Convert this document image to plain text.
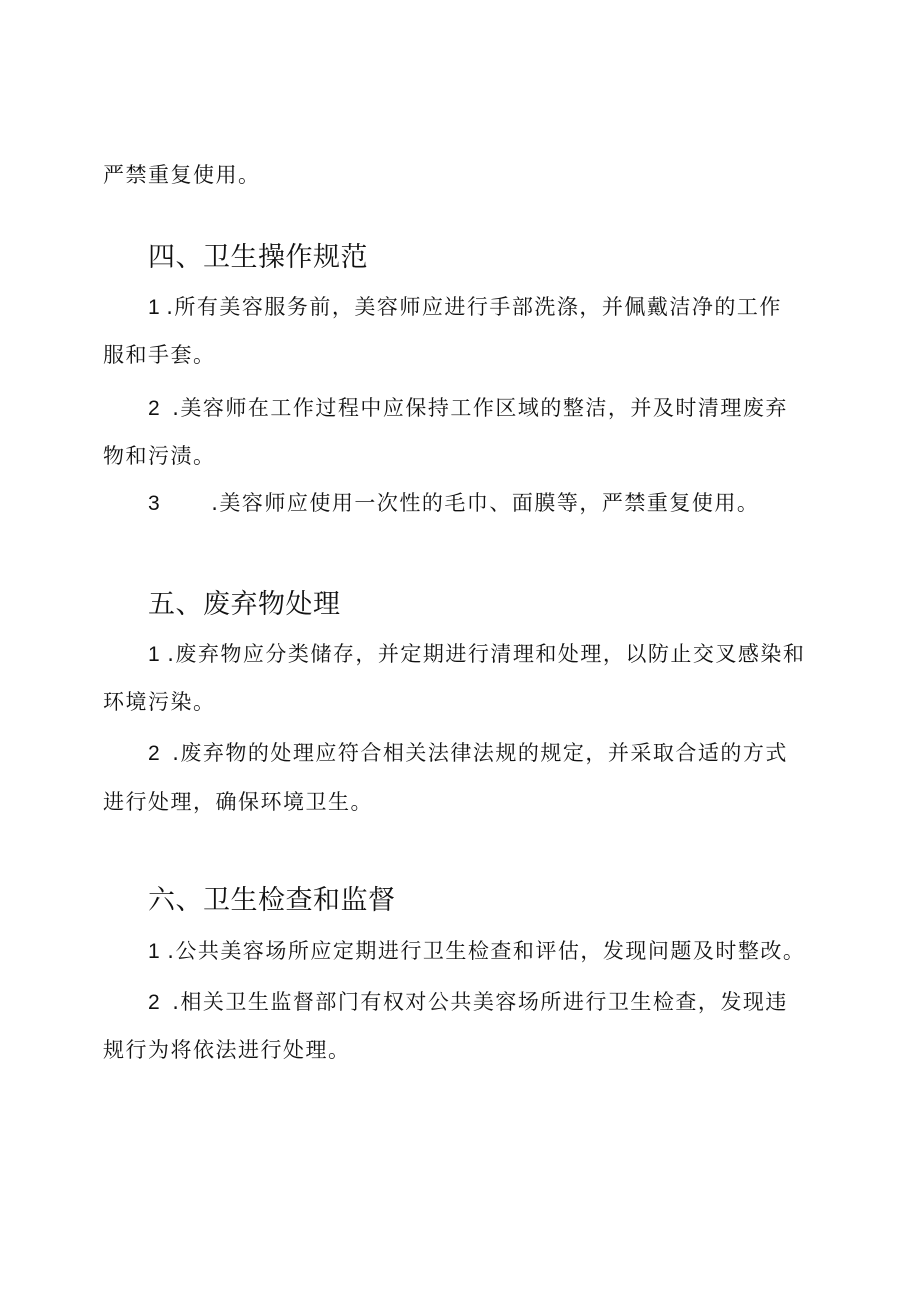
严禁重复使用。
四、卫生操作规范
1 .所有美容服务前，美容师应进行手部洗涤，并佩戴洁净的工作
服和手套。
2 .美容师在工作过程中应保持工作区域的整洁，并及时清理废弃
物和污渍。
3 .美容师应使用一次性的毛巾、面膜等，严禁重复使用。
五、废弃物处理
1 .废弃物应分类储存，并定期进行清理和处理，以防止交叉感染和
环境污染。
2 .废弃物的处理应符合相关法律法规的规定，并采取合适的方式
进行处理，确保环境卫生。
六、卫生检查和监督
1 .公共美容场所应定期进行卫生检查和评估，发现问题及时整改。
2 .相关卫生监督部门有权对公共美容场所进行卫生检查，发现违
规行为将依法进行处理。
